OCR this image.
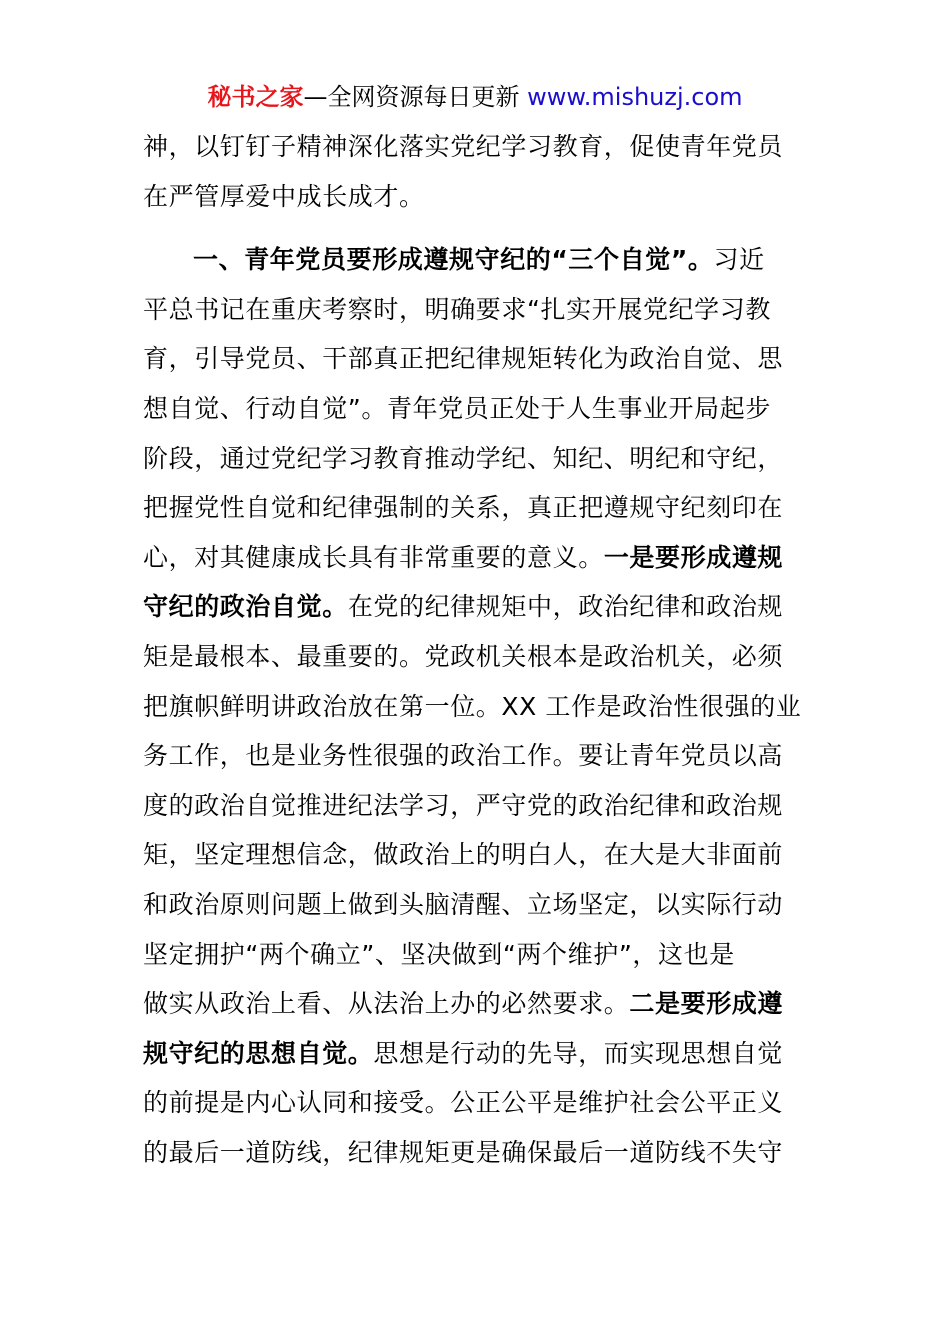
秘书之家—全网资源每日更新 www.mishuzj.com
神，以钉钉子精神深化落实党纪学习教育，促使青年党员
在严管厚爱中成长成才。
一、青年党员要形成遵规守纪的“三个自觉”。习近
平总书记在重庆考察时，明确要求“扎实开展党纪学习教
育，引导党员、干部真正把纪律规矩转化为政治自觉、思
想自觉、行动自觉”。青年党员正处于人生事业开局起步
阶段，通过党纪学习教育推动学纪、知纪、明纪和守纪，
把握党性自觉和纪律强制的关系，真正把遵规守纪刻印在
心，对其健康成长具有非常重要的意义。一是要形成遵规
守纪的政治自觉。在党的纪律规矩中，政治纪律和政治规
矩是最根本、最重要的。党政机关根本是政治机关，必须
把旗帜鲜明讲政治放在第一位。XX 工作是政治性很强的业
务工作，也是业务性很强的政治工作。要让青年党员以高
度的政治自觉推进纪法学习，严守党的政治纪律和政治规
矩，坚定理想信念，做政治上的明白人，在大是大非面前
和政治原则问题上做到头脑清醒、立场坚定，以实际行动
坚定拥护“两个确立”、坚决做到“两个维护”，这也是
做实从政治上看、从法治上办的必然要求。二是要形成遵
规守纪的思想自觉。思想是行动的先导，而实现思想自觉
的前提是内心认同和接受。公正公平是维护社会公平正义
的最后一道防线，纪律规矩更是确保最后一道防线不失守
